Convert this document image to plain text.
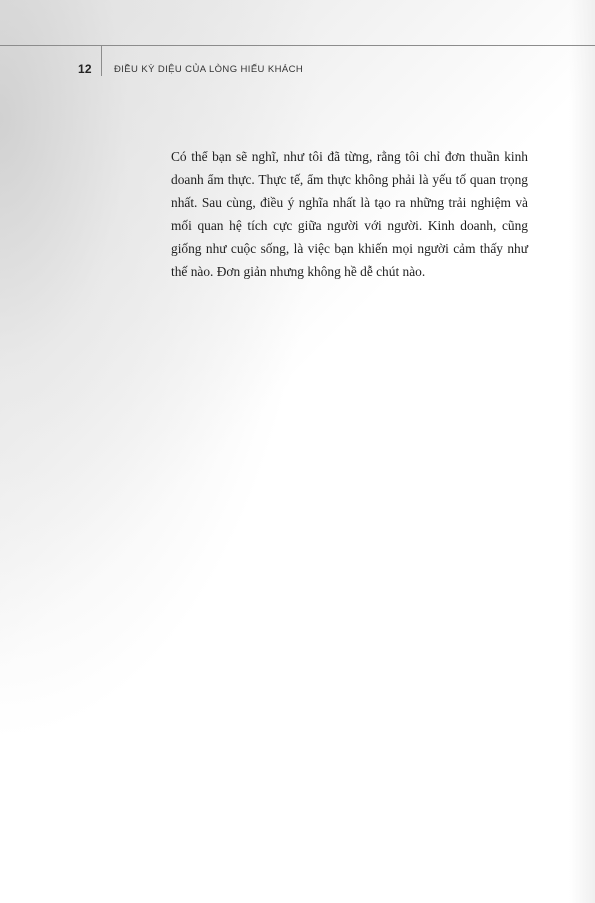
12 ĐIỀU KỲ DIỆU CỦA LÒNG HIẾU KHÁCH

Có thể bạn sẽ nghĩ, như tôi đã từng, rằng tôi chỉ đơn thuần kinh doanh ẩm thực. Thực tế, ẩm thực không phải là yếu tố quan trọng nhất. Sau cùng, điều ý nghĩa nhất là tạo ra những trải nghiệm và mối quan hệ tích cực giữa người với người. Kinh doanh, cũng giống như cuộc sống, là việc bạn khiến mọi người cảm thấy như thế nào. Đơn giản nhưng không hề dễ chút nào.
